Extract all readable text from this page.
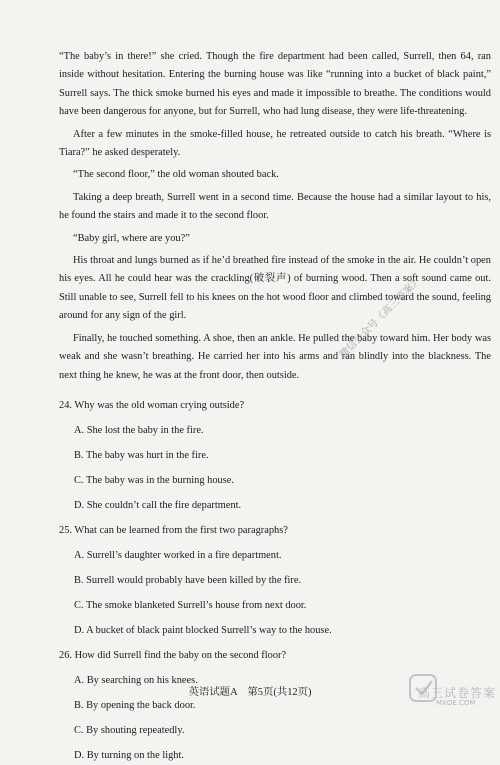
“The baby’s in there!” she cried. Though the fire department had been called, Surrell, then 64, ran inside without hesitation. Entering the burning house was like “running into a bucket of black paint,” Surrell says. The thick smoke burned his eyes and made it impossible to breathe. The conditions would have been dangerous for anyone, but for Surrell, who had lung disease, they were life-threatening.

After a few minutes in the smoke-filled house, he retreated outside to catch his breath. “Where is Tiara?” he asked desperately.

“The second floor,” the old woman shouted back.

Taking a deep breath, Surrell went in a second time. Because the house had a similar layout to his, he found the stairs and made it to the second floor.

“Baby girl, where are you?”

His throat and lungs burned as if he’d breathed fire instead of the smoke in the air. He couldn’t open his eyes. All he could hear was the crackling(破裂声) of burning wood. Then a soft sound came out. Still unable to see, Surrell fell to his knees on the hot wood floor and climbed toward the sound, feeling around for any sign of the girl.

Finally, he touched something. A shoe, then an ankle. He pulled the baby toward him. Her body was weak and she wasn’t breathing. He carried her into his arms and ran blindly into the blackness. The next thing he knew, he was at the front door, then outside.

微信公众号《高三答案》

24. Why was the old woman crying outside?

A. She lost the baby in the fire.

B. The baby was hurt in the fire.

C. The baby was in the burning house.

D. She couldn’t call the fire department.

25. What can be learned from the first two paragraphs?

A. Surrell’s daughter worked in a fire department.

B. Surrell would probably have been killed by the fire.

C. The smoke blanketed Surrell’s house from next door.

D. A bucket of black paint blocked Surrell’s way to the house.

26. How did Surrell find the baby on the second floor?

A. By searching on his knees.

B. By opening the back door.

C. By shouting repeatedly.

D. By turning on the light.

英语试题A　第5页(共12页)	高三试卷答案
MXQE.COM
